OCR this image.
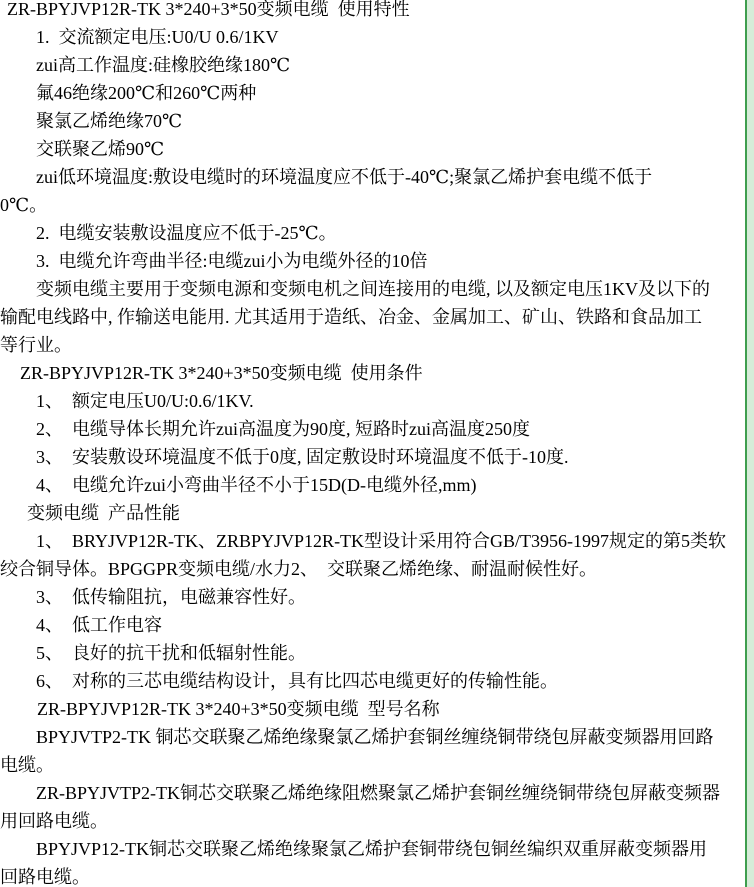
ZR-BPYJVP12R-TK 3*240+3*50变频电缆  使用特性
1.  交流额定电压:U0/U 0.6/1KV
zui高工作温度:硅橡胶绝缘180℃
氟46绝缘200℃和260℃两种
聚氯乙烯绝缘70℃
交联聚乙烯90℃
zui低环境温度:敷设电缆时的环境温度应不低于-40℃;聚氯乙烯护套电缆不低于
0℃。
2.  电缆安装敷设温度应不低于-25℃。
3.  电缆允许弯曲半径:电缆zui小为电缆外径的10倍
变频电缆主要用于变频电源和变频电机之间连接用的电缆, 以及额定电压1KV及以下的
输配电线路中, 作输送电能用. 尤其适用于造纸、冶金、金属加工、矿山、铁路和食品加工
等行业。
ZR-BPYJVP12R-TK 3*240+3*50变频电缆  使用条件
1、　额定电压U0/U:0.6/1KV.
2、　电缆导体长期允许zui高温度为90度, 短路时zui高温度250度
3、　安装敷设环境温度不低于0度, 固定敷设时环境温度不低于-10度.
4、　电缆允许zui小弯曲半径不小于15D(D-电缆外径,mm)
变频电缆  产品性能
1、　BRYJVP12R-TK、ZRBPYJVP12R-TK型设计采用符合GB/T3956-1997规定的第5类软
绞合铜导体。BPGGPR变频电缆/水力2、　交联聚乙烯绝缘、耐温耐候性好。
3、　低传输阻抗，电磁兼容性好。
4、　低工作电容
5、　良好的抗干扰和低辐射性能。
6、　对称的三芯电缆结构设计，具有比四芯电缆更好的传输性能。
ZR-BPYJVP12R-TK 3*240+3*50变频电缆  型号名称
BPYJVTP2-TK 铜芯交联聚乙烯绝缘聚氯乙烯护套铜丝缠绕铜带绕包屏蔽变频器用回路
电缆。
ZR-BPYJVTP2-TK铜芯交联聚乙烯绝缘阻燃聚氯乙烯护套铜丝缠绕铜带绕包屏蔽变频器
用回路电缆。
BPYJVP12-TK铜芯交联聚乙烯绝缘聚氯乙烯护套铜带绕包铜丝编织双重屏蔽变频器用
回路电缆。
